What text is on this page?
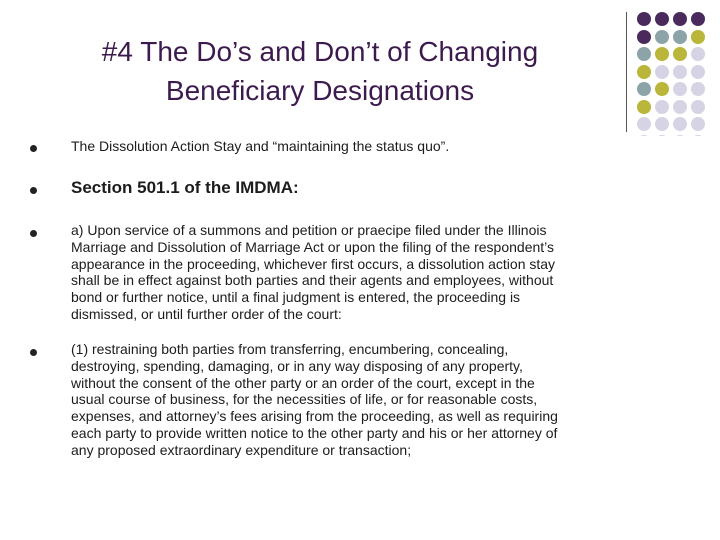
#4 The Do’s and Don’t of Changing
Beneficiary Designations
The Dissolution Action Stay and “maintaining the status quo”.
Section 501.1 of the IMDMA:
a) Upon service of a summons and petition or praecipe filed under the Illinois
Marriage and Dissolution of Marriage Act or upon the filing of the respondent’s
appearance in the proceeding, whichever first occurs, a dissolution action stay
shall be in effect against both parties and their agents and employees, without
bond or further notice, until a final judgment is entered, the proceeding is
dismissed, or until further order of the court:
(1) restraining both parties from transferring, encumbering, concealing,
destroying, spending, damaging, or in any way disposing of any property,
without the consent of the other party or an order of the court, except in the
usual course of business, for the necessities of life, or for reasonable costs,
expenses, and attorney’s fees arising from the proceeding, as well as requiring
each party to provide written notice to the other party and his or her attorney of
any proposed extraordinary expenditure or transaction;
